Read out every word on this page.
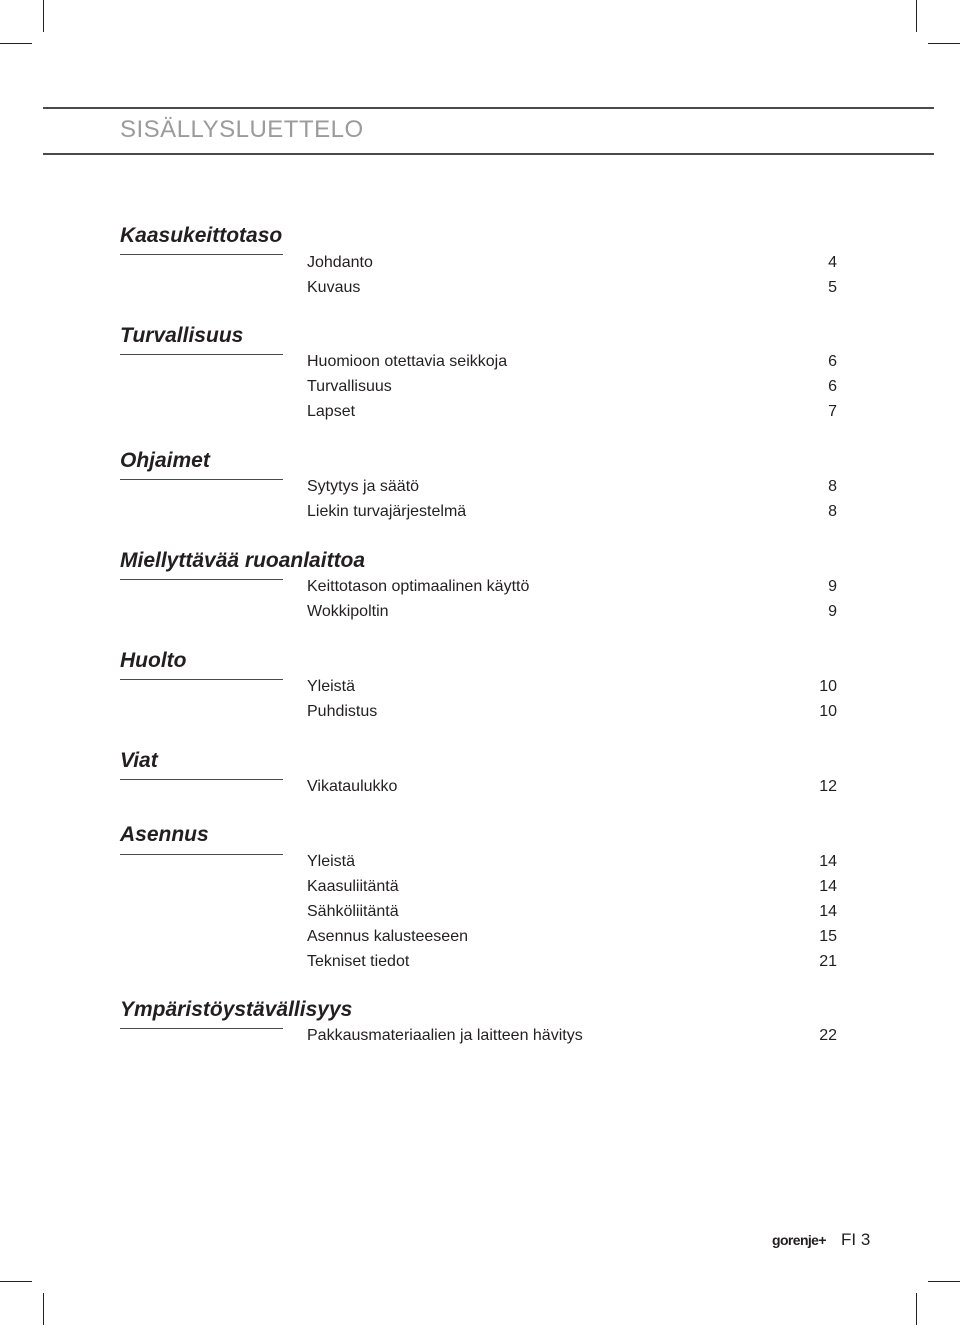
SISÄLLYSLUETTELO
Kaasukeittotaso
Johdanto	4
Kuvaus	5
Turvallisuus
Huomioon otettavia seikkoja	6
Turvallisuus	6
Lapset	7
Ohjaimet
Sytytys ja säätö	8
Liekin turvajärjestelmä	8
Miellyttävää ruoanlaittoa
Keittotason optimaalinen käyttö	9
Wokkipoltin	9
Huolto
Yleistä	10
Puhdistus	10
Viat
Vikataulukko	12
Asennus
Yleistä	14
Kaasuliitäntä	14
Sähköliitäntä	14
Asennus kalusteeseen	15
Tekniset tiedot	21
Ympäristöystävällisyys
Pakkausmateriaalien ja laitteen hävitys	22
gorenje+ FI 3
